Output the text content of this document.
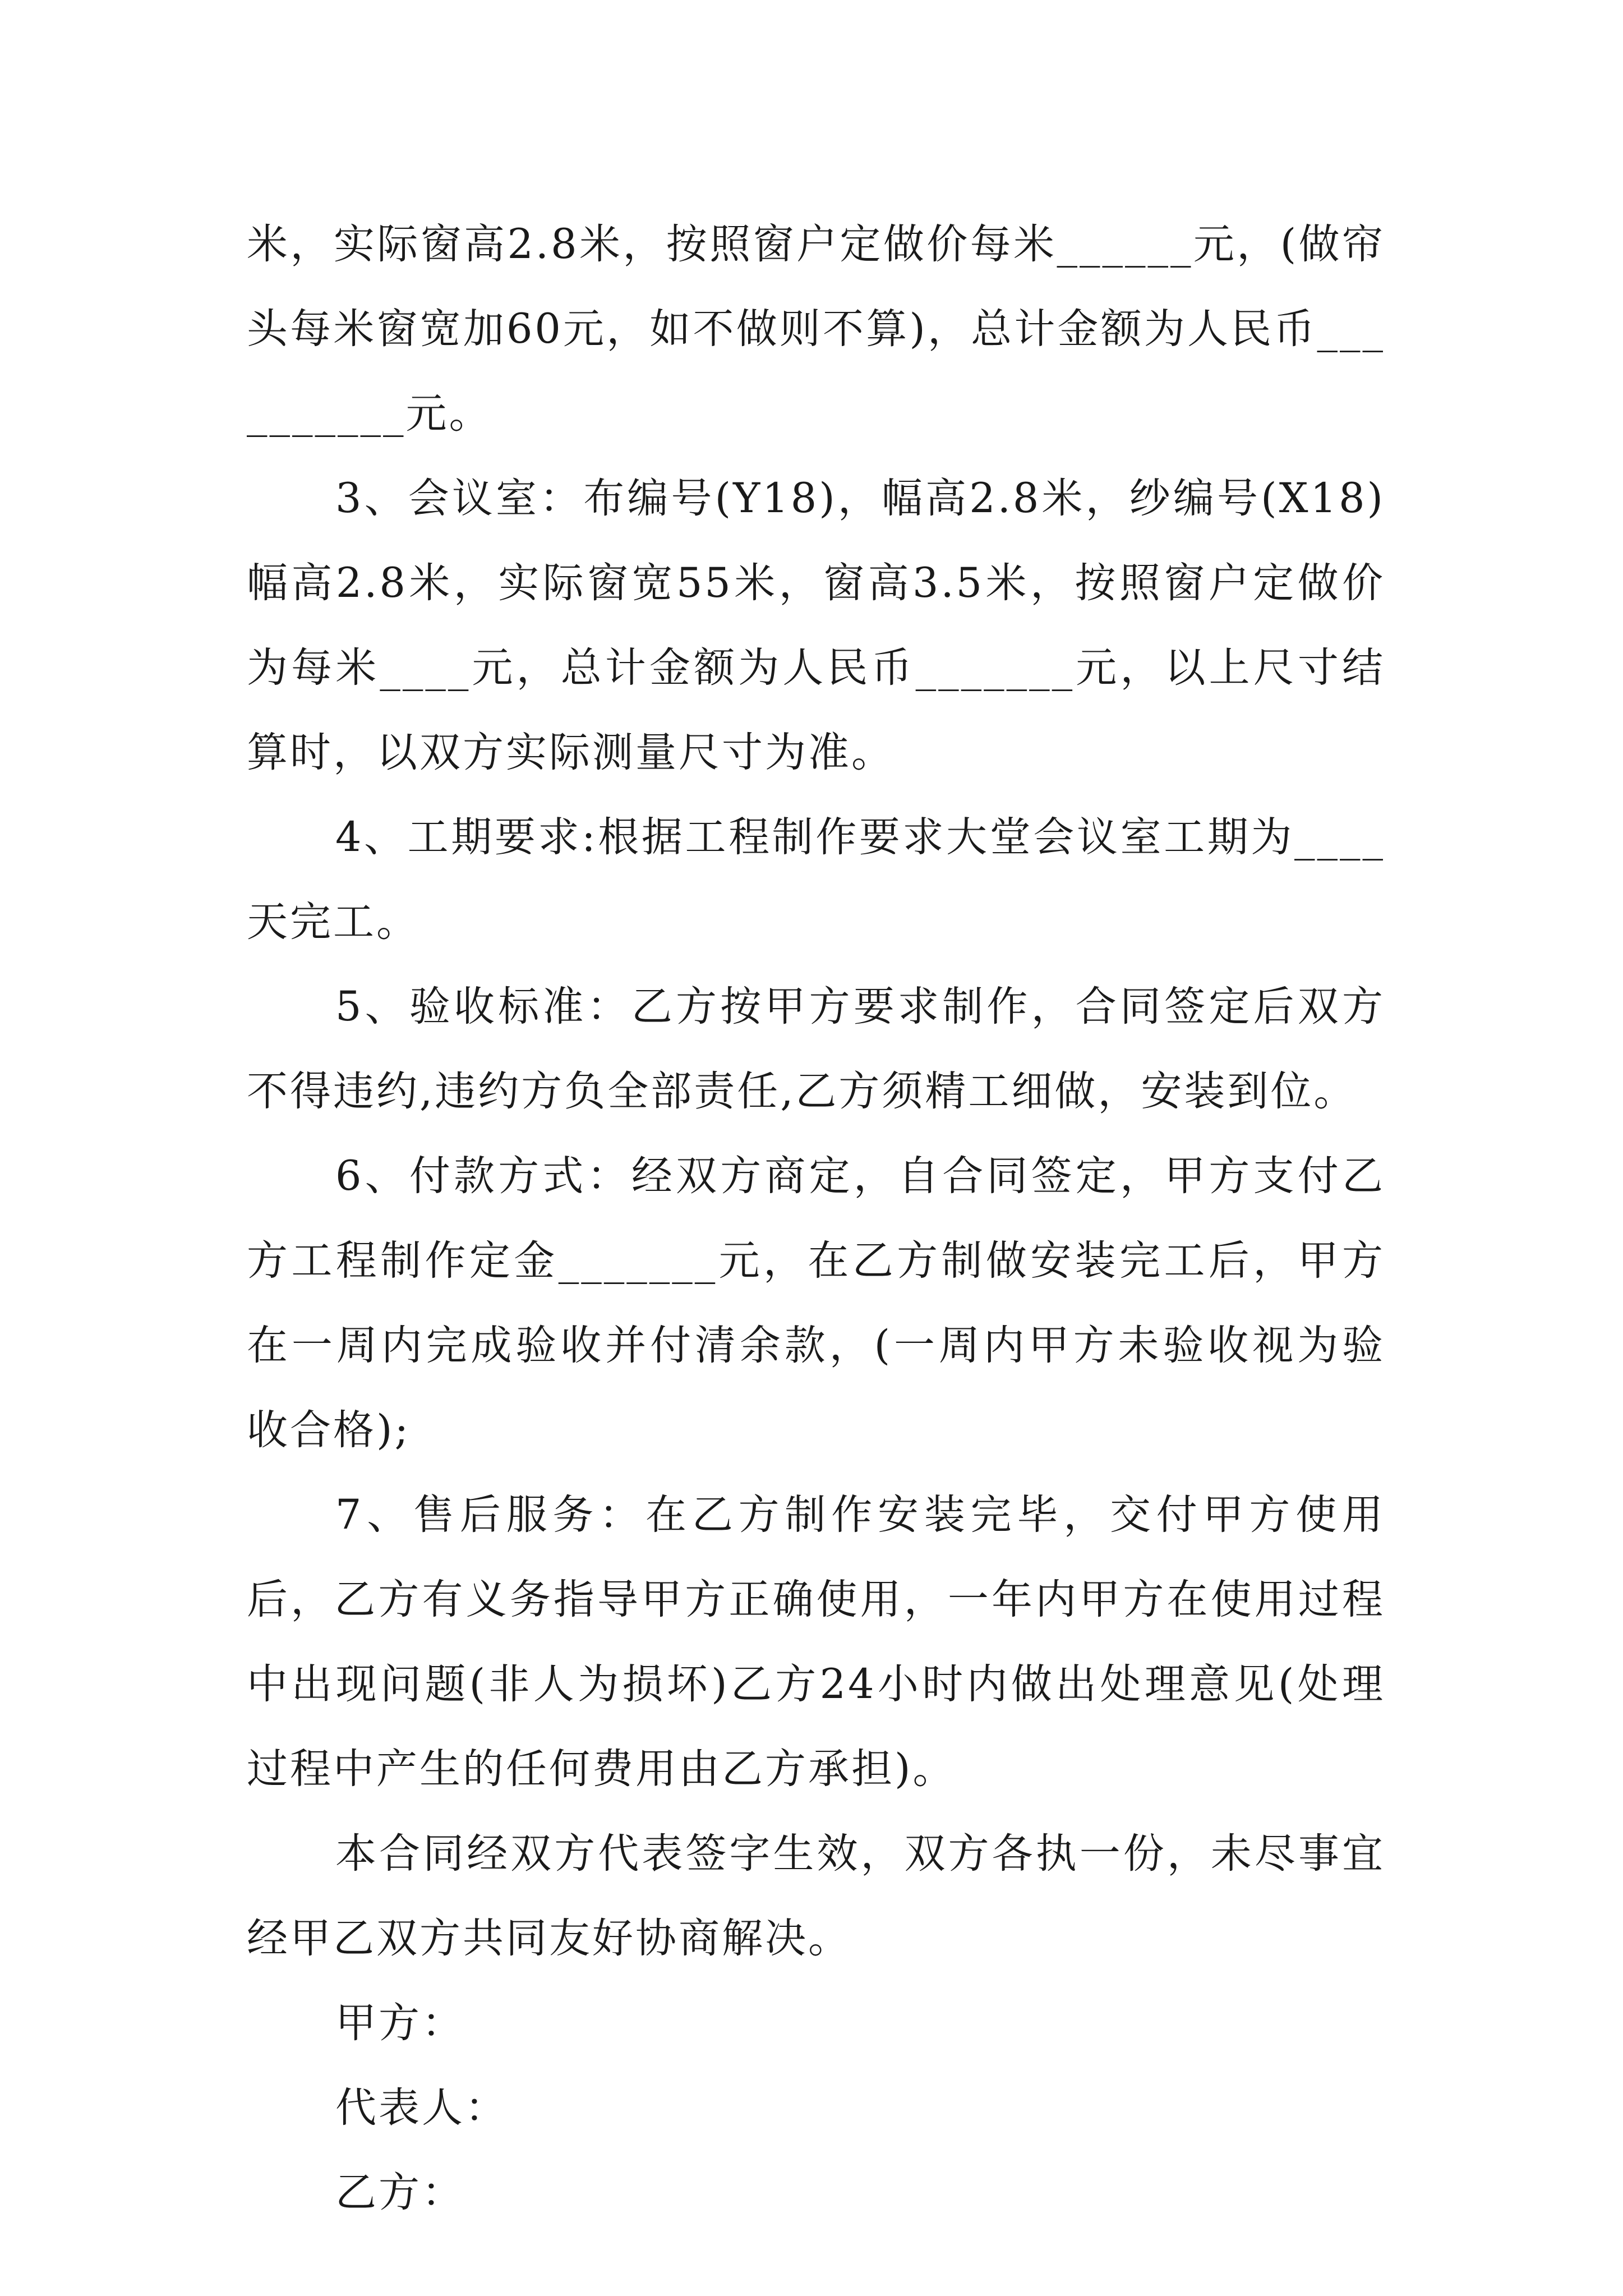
米，实际窗高2.8米，按照窗户定做价每米______元，(做帘头每米窗宽加60元，如不做则不算)，总计金额为人民币__________元。

3、会议室：布编号(Y18)，幅高2.8米，纱编号(X18)幅高2.8米，实际窗宽55米，窗高3.5米，按照窗户定做价为每米____元，总计金额为人民币_______元，以上尺寸结算时，以双方实际测量尺寸为准。

4、工期要求:根据工程制作要求大堂会议室工期为____天完工。

5、验收标准：乙方按甲方要求制作，合同签定后双方不得违约,违约方负全部责任,乙方须精工细做，安装到位。

6、付款方式：经双方商定，自合同签定，甲方支付乙方工程制作定金_______元，在乙方制做安装完工后，甲方在一周内完成验收并付清余款，(一周内甲方未验收视为验收合格);

7、售后服务：在乙方制作安装完毕，交付甲方使用后，乙方有义务指导甲方正确使用，一年内甲方在使用过程中出现问题(非人为损坏)乙方24小时内做出处理意见(处理过程中产生的任何费用由乙方承担)。

本合同经双方代表签字生效，双方各执一份，未尽事宜经甲乙双方共同友好协商解决。

甲方：

代表人：

乙方：
